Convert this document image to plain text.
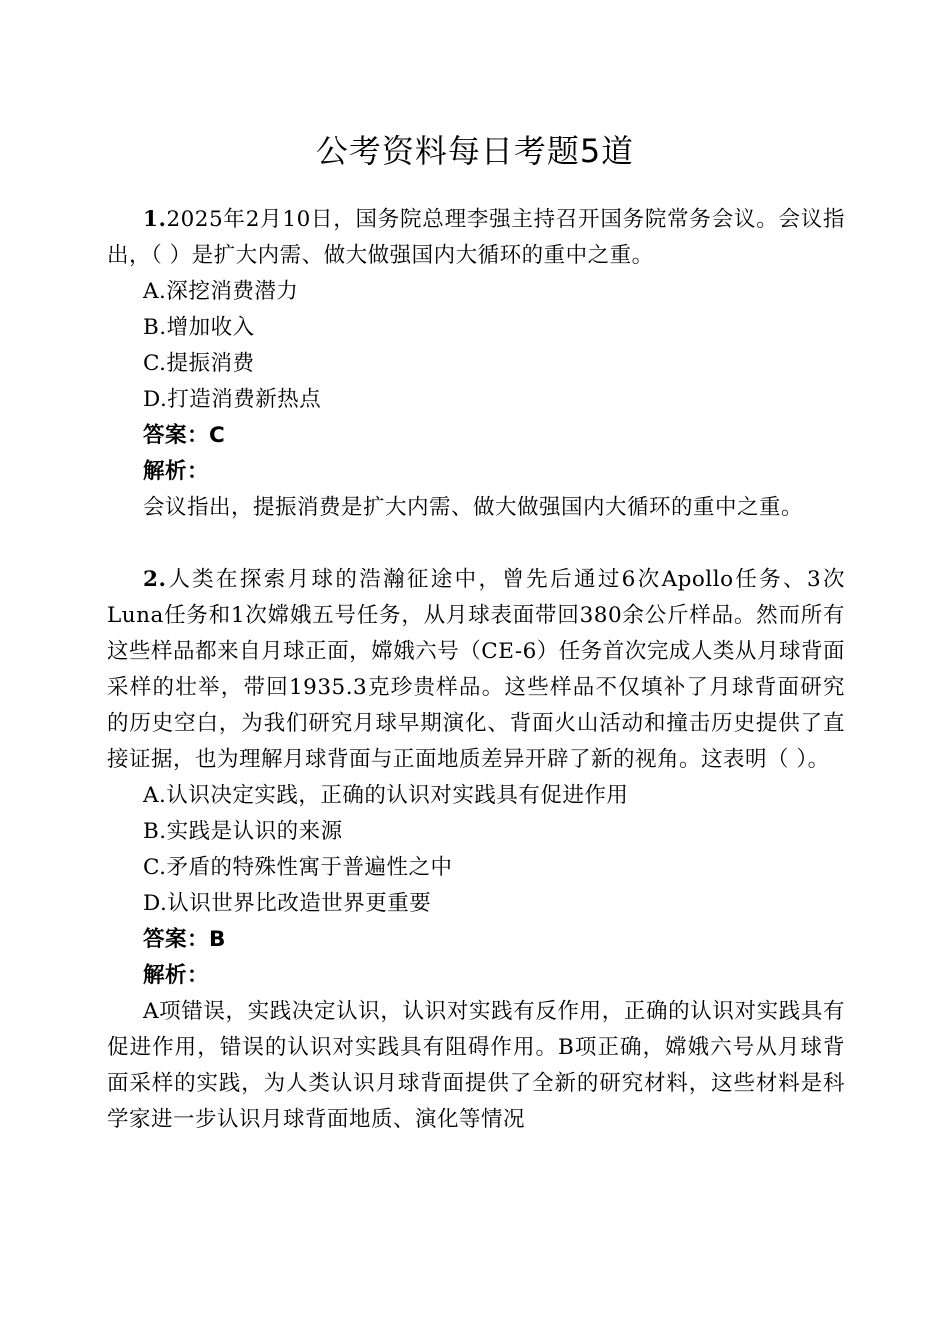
公考资料每日考题5道

1.2025年2月10日，国务院总理李强主持召开国务院常务会议。会议指出，（ ）是扩大内需、做大做强国内大循环的重中之重。

A.深挖消费潜力

B.增加收入

C.提振消费

D.打造消费新热点

答案：C

解析：

会议指出，提振消费是扩大内需、做大做强国内大循环的重中之重。

2.人类在探索月球的浩瀚征途中，曾先后通过6次Apollo任务、3次Luna任务和1次嫦娥五号任务，从月球表面带回380余公斤样品。然而所有这些样品都来自月球正面，嫦娥六号（CE-6）任务首次完成人类从月球背面采样的壮举，带回1935.3克珍贵样品。这些样品不仅填补了月球背面研究的历史空白，为我们研究月球早期演化、背面火山活动和撞击历史提供了直接证据，也为理解月球背面与正面地质差异开辟了新的视角。这表明（ ）。

A.认识决定实践，正确的认识对实践具有促进作用

B.实践是认识的来源

C.矛盾的特殊性寓于普遍性之中

D.认识世界比改造世界更重要

答案：B

解析：

A项错误，实践决定认识，认识对实践有反作用，正确的认识对实践具有促进作用，错误的认识对实践具有阻碍作用。B项正确，嫦娥六号从月球背面采样的实践，为人类认识月球背面提供了全新的研究材料，这些材料是科学家进一步认识月球背面地质、演化等情况
